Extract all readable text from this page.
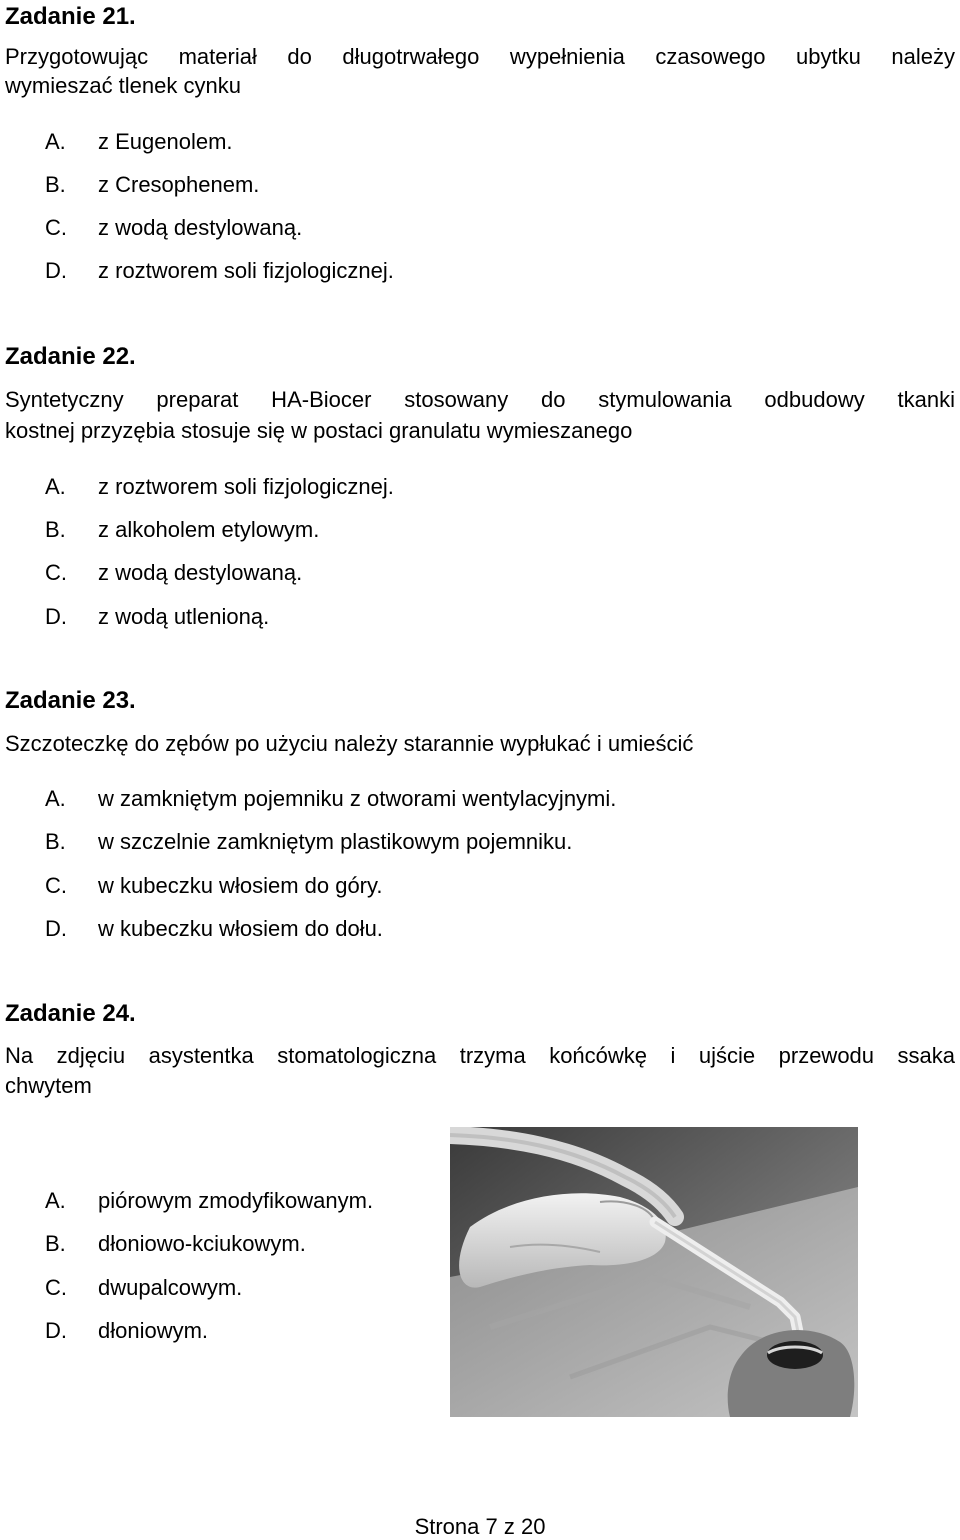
Zadanie 21.
Przygotowując materiał do długotrwałego wypełnienia czasowego ubytku należy
wymieszać tlenek cynku
A. z Eugenolem.
B. z Cresophenem.
C. z wodą destylowaną.
D. z roztworem soli fizjologicznej.
Zadanie 22.
Syntetyczny preparat HA-Biocer stosowany do stymulowania odbudowy tkanki
kostnej przyzębia stosuje się w postaci granulatu wymieszanego
A. z roztworem soli fizjologicznej.
B. z alkoholem etylowym.
C. z wodą destylowaną.
D. z wodą utlenioną.
Zadanie 23.
Szczoteczkę do zębów po użyciu należy starannie wypłukać i umieścić
A. w zamkniętym pojemniku z otworami wentylacyjnymi.
B. w szczelnie zamkniętym plastikowym pojemniku.
C. w kubeczku włosiem do góry.
D. w kubeczku włosiem do dołu.
Zadanie 24.
Na zdjęciu asystentka stomatologiczna trzyma końcówkę i ujście przewodu ssaka
chwytem
A. piórowym zmodyfikowanym.
B. dłoniowo-kciukowym.
C. dwupalcowym.
D. dłoniowym.
Strona 7 z 20
